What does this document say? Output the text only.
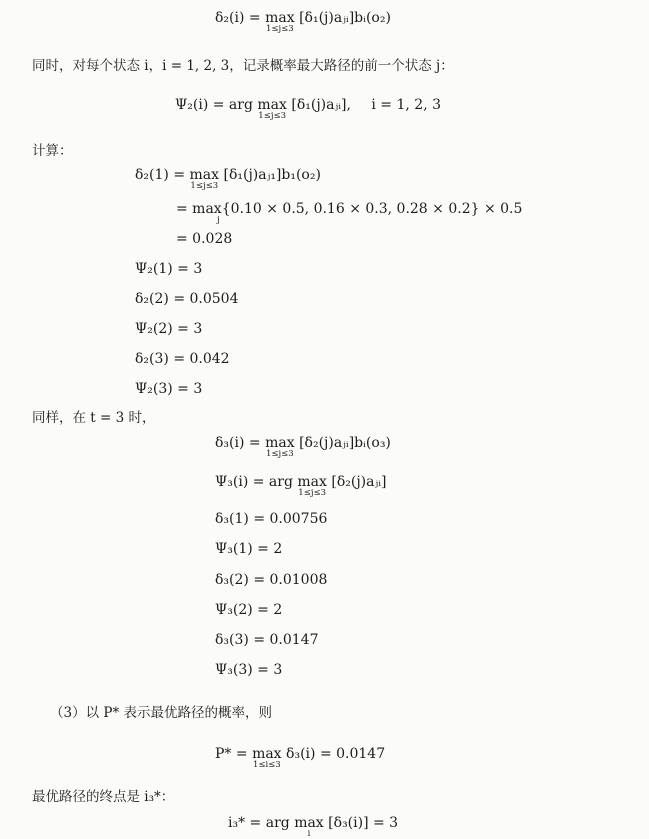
δ₂(i) = max
1≤j≤3
[δ₁(j)aⱼᵢ]bᵢ(o₂)
同时，对每个状态 i，i = 1, 2, 3，记录概率最大路径的前一个状态 j：
Ψ₂(i) = arg max
1≤j≤3
[δ₁(j)aⱼᵢ], i = 1, 2, 3
计算：
δ₂(1) = max
1≤j≤3
[δ₁(j)aⱼ₁]b₁(o₂)
= max
j
{0.10 × 0.5, 0.16 × 0.3, 0.28 × 0.2} × 0.5
= 0.028
Ψ₂(1) = 3
δ₂(2) = 0.0504
Ψ₂(2) = 3
δ₂(3) = 0.042
Ψ₂(3) = 3
同样，在 t = 3 时，
δ₃(i) = max
1≤j≤3
[δ₂(j)aⱼᵢ]bᵢ(o₃)
Ψ₃(i) = arg max
1≤j≤3
[δ₂(j)aⱼᵢ]
δ₃(1) = 0.00756
Ψ₃(1) = 2
δ₃(2) = 0.01008
Ψ₃(2) = 2
δ₃(3) = 0.0147
Ψ₃(3) = 3
（3）以 P* 表示最优路径的概率，则
P* = max
1≤i≤3
δ₃(i) = 0.0147
最优路径的终点是 i₃*：
i₃* = arg max
i
[δ₃(i)] = 3
